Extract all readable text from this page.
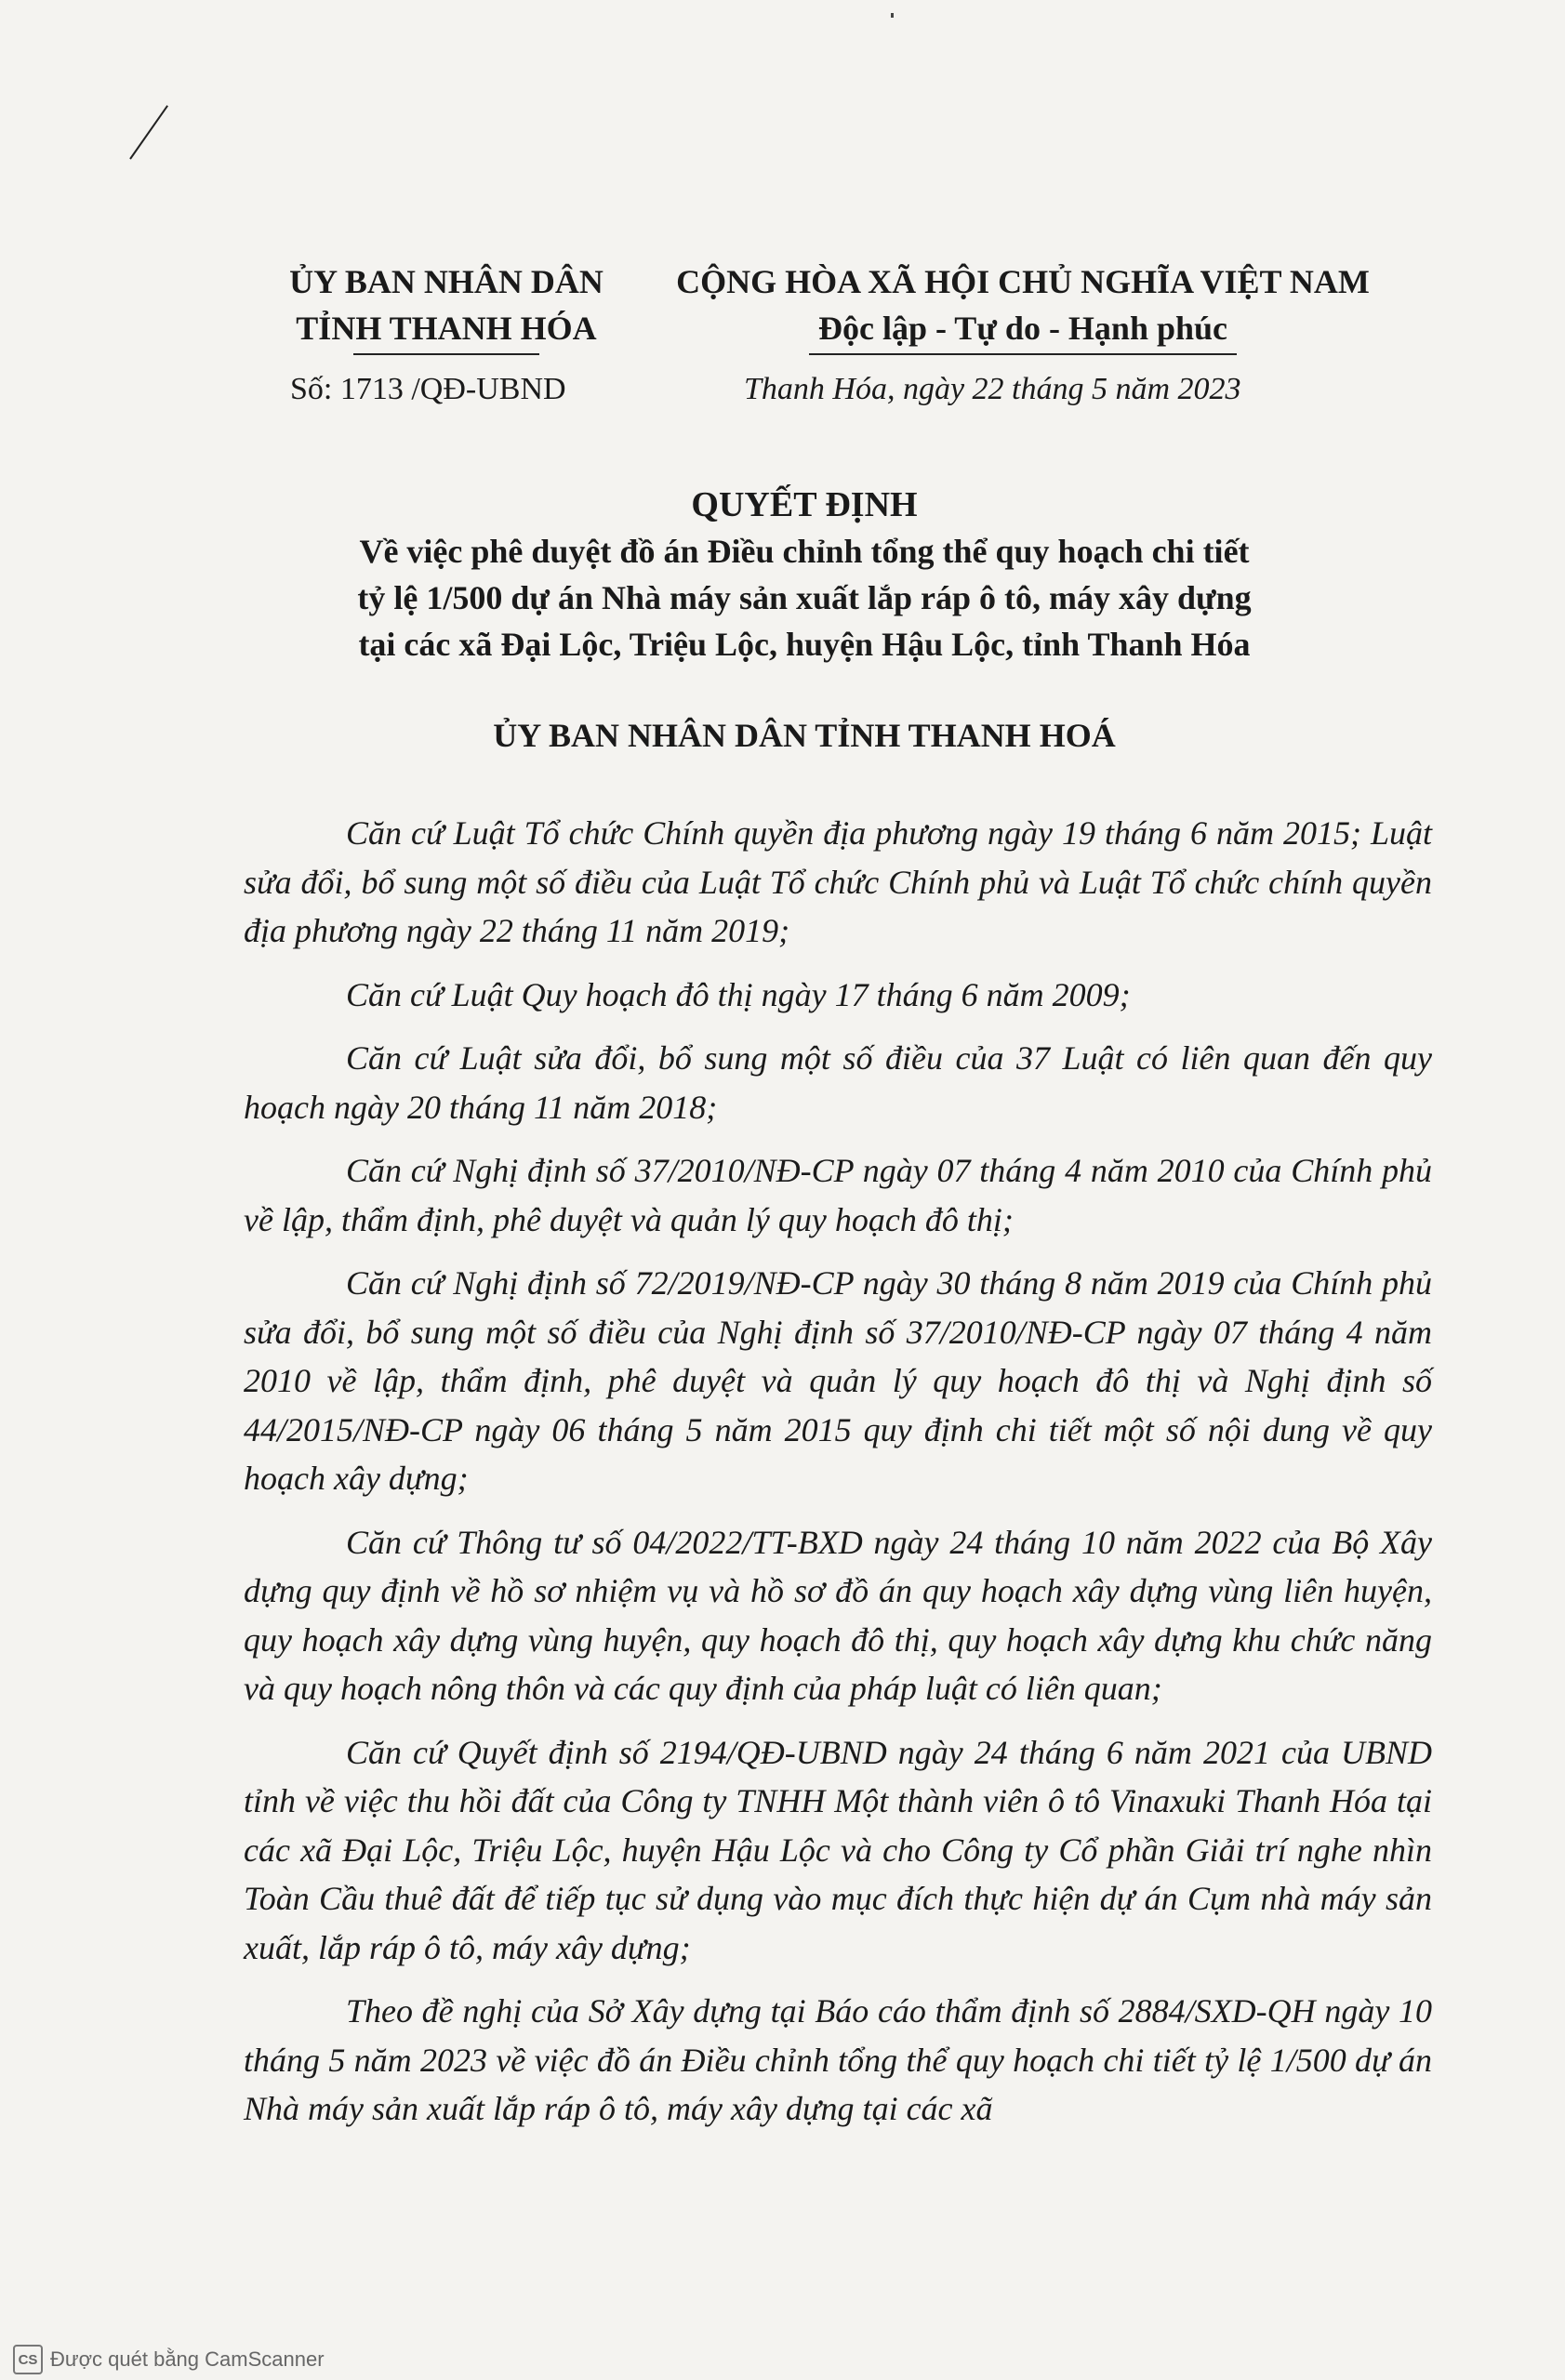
ỦY BAN NHÂN DÂN
TỈNH THANH HÓA
CỘNG HÒA XÃ HỘI CHỦ NGHĨA VIỆT NAM
Độc lập - Tự do - Hạnh phúc
Số: 1713 /QĐ-UBND	Thanh Hóa, ngày 22 tháng 5 năm 2023
QUYẾT ĐỊNH
Về việc phê duyệt đồ án Điều chỉnh tổng thể quy hoạch chi tiết
tỷ lệ 1/500 dự án Nhà máy sản xuất lắp ráp ô tô, máy xây dựng
tại các xã Đại Lộc, Triệu Lộc, huyện Hậu Lộc, tỉnh Thanh Hóa
ỦY BAN NHÂN DÂN TỈNH THANH HOÁ

Căn cứ Luật Tổ chức Chính quyền địa phương ngày 19 tháng 6 năm 2015; Luật sửa đổi, bổ sung một số điều của Luật Tổ chức Chính phủ và Luật Tổ chức chính quyền địa phương ngày 22 tháng 11 năm 2019;

Căn cứ Luật Quy hoạch đô thị ngày 17 tháng 6 năm 2009;

Căn cứ Luật sửa đổi, bổ sung một số điều của 37 Luật có liên quan đến quy hoạch ngày 20 tháng 11 năm 2018;

Căn cứ Nghị định số 37/2010/NĐ-CP ngày 07 tháng 4 năm 2010 của Chính phủ về lập, thẩm định, phê duyệt và quản lý quy hoạch đô thị;

Căn cứ Nghị định số 72/2019/NĐ-CP ngày 30 tháng 8 năm 2019 của Chính phủ sửa đổi, bổ sung một số điều của Nghị định số 37/2010/NĐ-CP ngày 07 tháng 4 năm 2010 về lập, thẩm định, phê duyệt và quản lý quy hoạch đô thị và Nghị định số 44/2015/NĐ-CP ngày 06 tháng 5 năm 2015 quy định chi tiết một số nội dung về quy hoạch xây dựng;

Căn cứ Thông tư số 04/2022/TT-BXD ngày 24 tháng 10 năm 2022 của Bộ Xây dựng quy định về hồ sơ nhiệm vụ và hồ sơ đồ án quy hoạch xây dựng vùng liên huyện, quy hoạch xây dựng vùng huyện, quy hoạch đô thị, quy hoạch xây dựng khu chức năng và quy hoạch nông thôn và các quy định của pháp luật có liên quan;

Căn cứ Quyết định số 2194/QĐ-UBND ngày 24 tháng 6 năm 2021 của UBND tỉnh về việc thu hồi đất của Công ty TNHH Một thành viên ô tô Vinaxuki Thanh Hóa tại các xã Đại Lộc, Triệu Lộc, huyện Hậu Lộc và cho Công ty Cổ phần Giải trí nghe nhìn Toàn Cầu thuê đất để tiếp tục sử dụng vào mục đích thực hiện dự án Cụm nhà máy sản xuất, lắp ráp ô tô, máy xây dựng;

Theo đề nghị của Sở Xây dựng tại Báo cáo thẩm định số 2884/SXD-QH ngày 10 tháng 5 năm 2023 về việc đồ án Điều chỉnh tổng thể quy hoạch chi tiết tỷ lệ 1/500 dự án Nhà máy sản xuất lắp ráp ô tô, máy xây dựng tại các xã

CS Được quét bằng CamScanner
